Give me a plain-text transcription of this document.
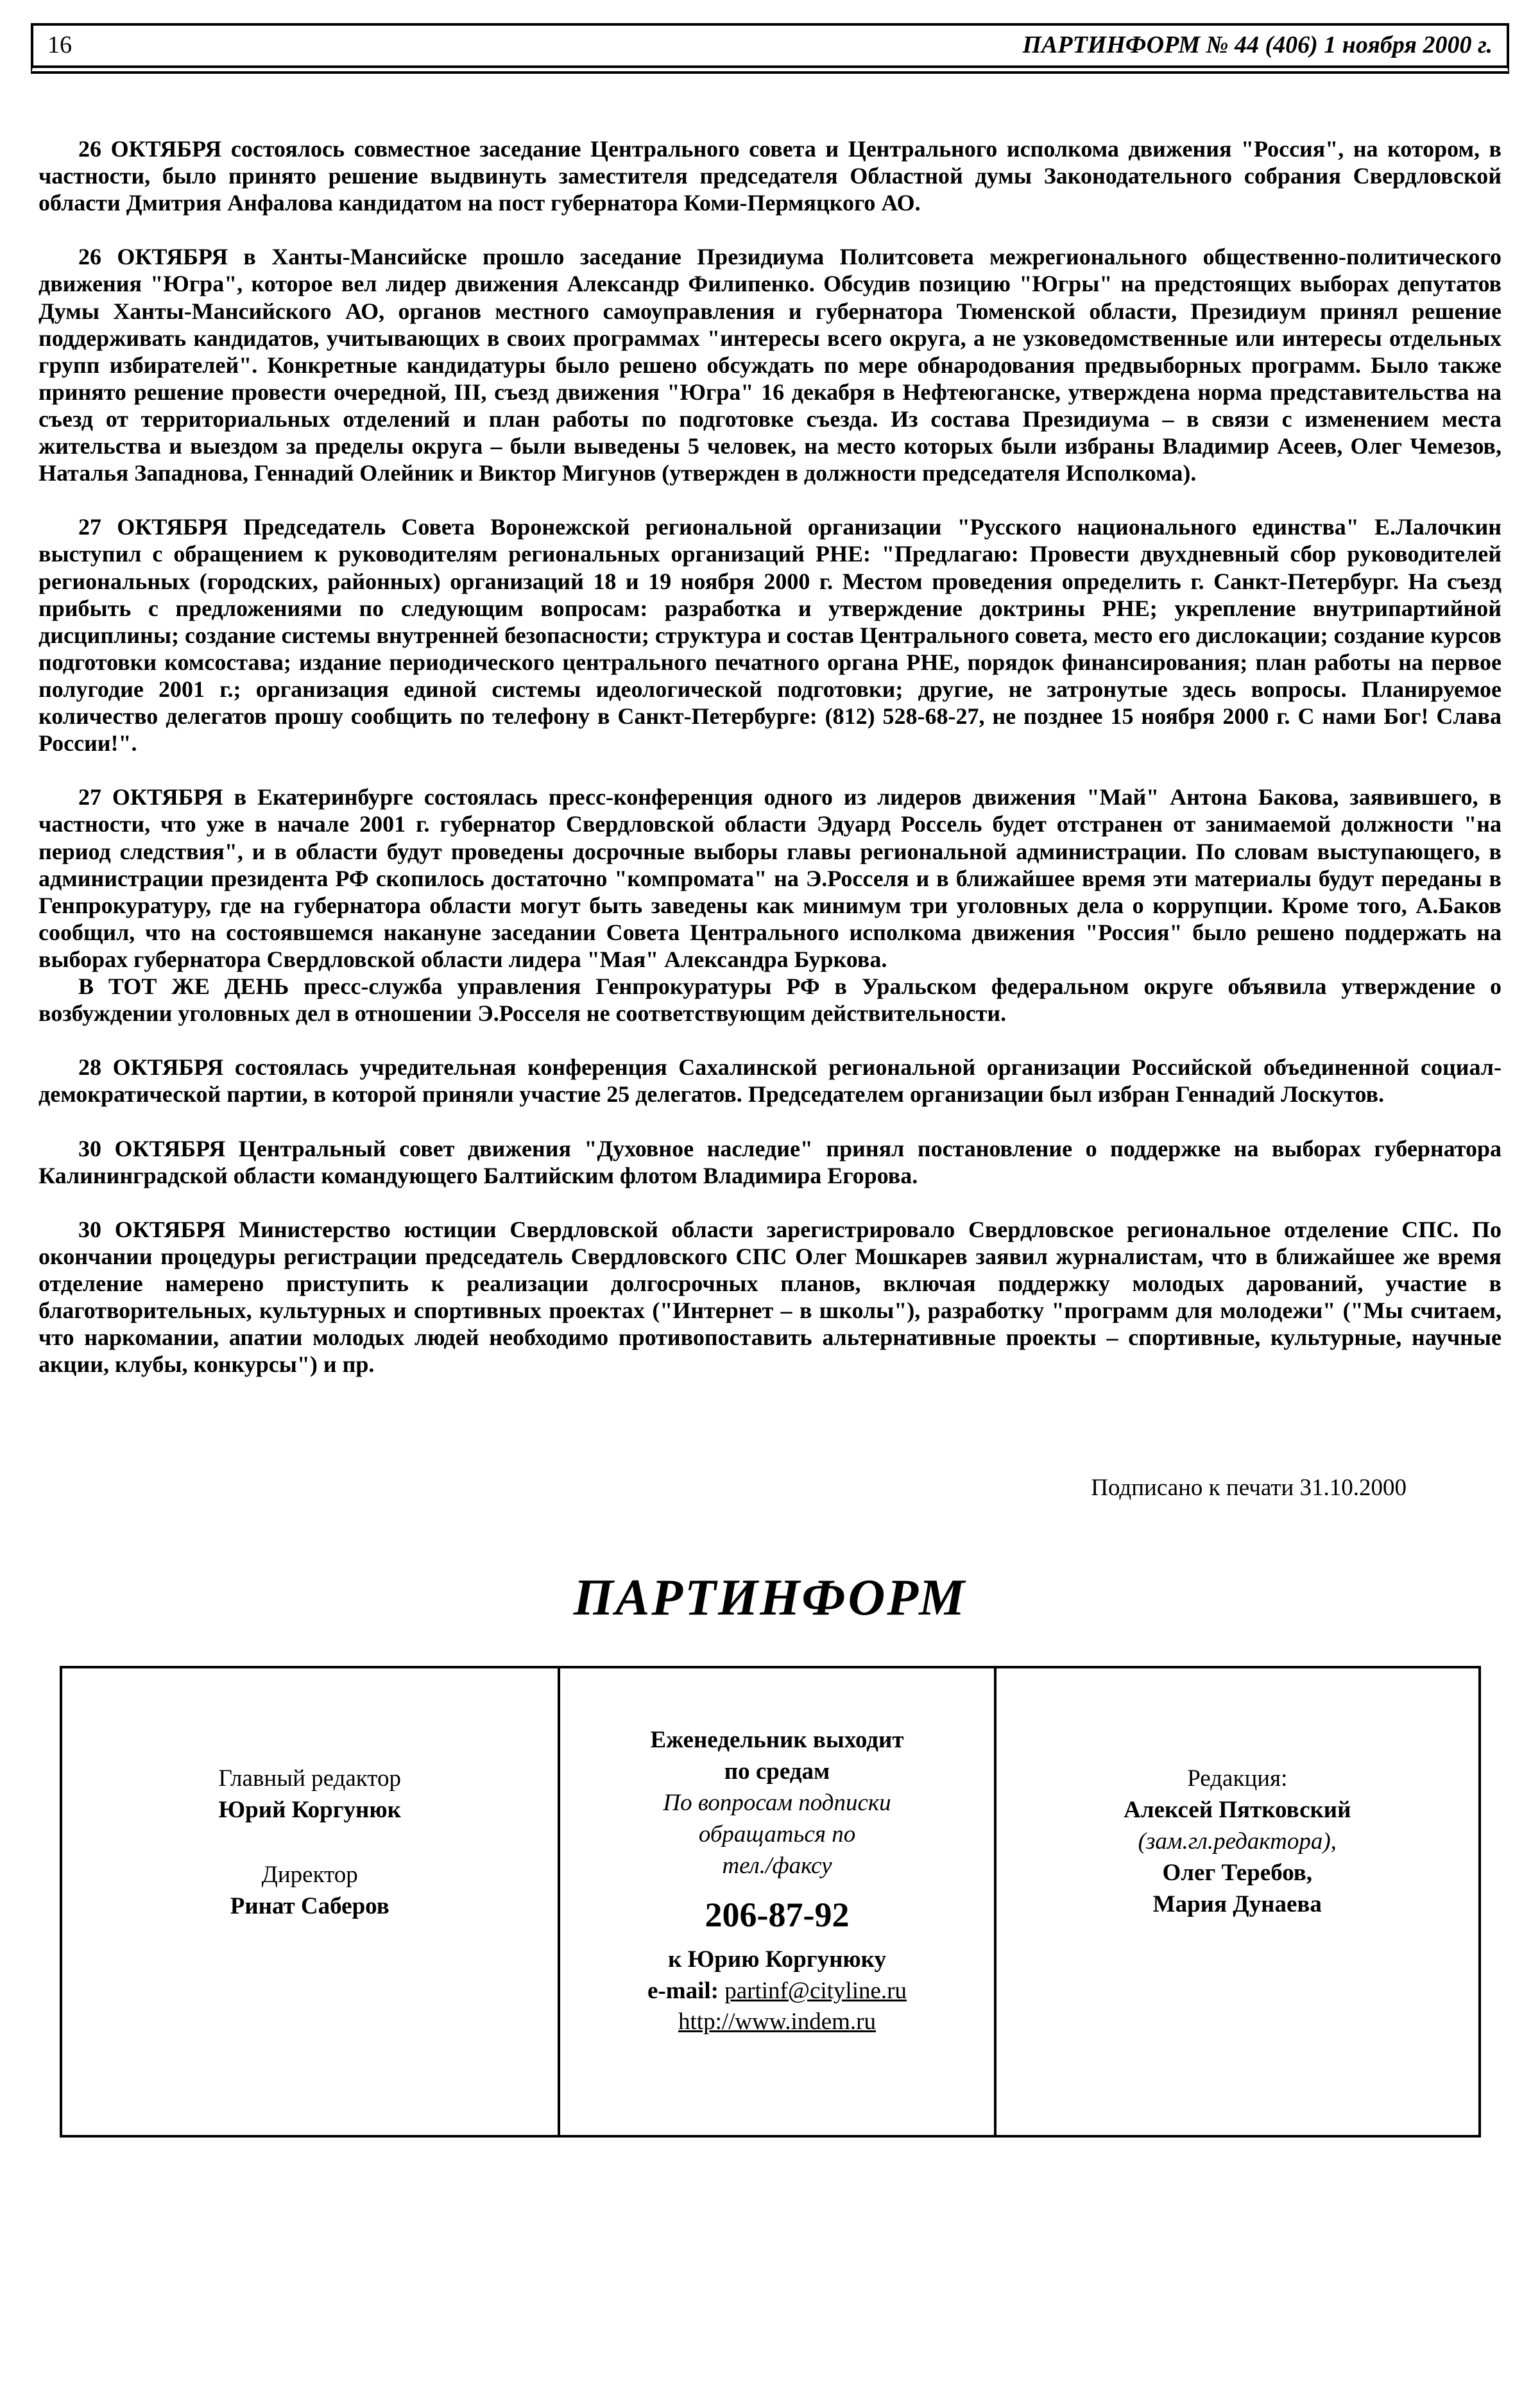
16	ПАРТИНФОРМ № 44 (406) 1 ноября 2000 г.

26 ОКТЯБРЯ состоялось совместное заседание Центрального совета и Центрального исполкома движения "Россия", на котором, в частности, было принято решение выдвинуть заместителя председателя Областной думы Законодательного собрания Свердловской области Дмитрия Анфалова кандидатом на пост губернатора Коми-Пермяцкого АО.

26 ОКТЯБРЯ в Ханты-Мансийске прошло заседание Президиума Политсовета межрегионального общественно-политического движения "Югра", которое вел лидер движения Александр Филипенко. Обсудив позицию "Югры" на предстоящих выборах депутатов Думы Ханты-Мансийского АО, органов местного самоуправления и губернатора Тюменской области, Президиум принял решение поддерживать кандидатов, учитывающих в своих программах "интересы всего округа, а не узковедомственные или интересы отдельных групп избирателей". Конкретные кандидатуры было решено обсуждать по мере обнародования предвыборных программ. Было также принято решение провести очередной, III, съезд движения "Югра" 16 декабря в Нефтеюганске, утверждена норма представительства на съезд от территориальных отделений и план работы по подготовке съезда. Из состава Президиума – в связи с изменением места жительства и выездом за пределы округа – были выведены 5 человек, на место которых были избраны Владимир Асеев, Олег Чемезов, Наталья Западнова, Геннадий Олейник и Виктор Мигунов (утвержден в должности председателя Исполкома).

27 ОКТЯБРЯ Председатель Совета Воронежской региональной организации "Русского национального единства" Е.Лалочкин выступил с обращением к руководителям региональных организаций РНЕ: "Предлагаю: Провести двухдневный сбор руководителей региональных (городских, районных) организаций 18 и 19 ноября 2000 г. Местом проведения определить г. Санкт-Петербург. На съезд прибыть с предложениями по следующим вопросам: разработка и утверждение доктрины РНЕ; укрепление внутрипартийной дисциплины; создание системы внутренней безопасности; структура и состав Центрального совета, место его дислокации; создание курсов подготовки комсостава; издание периодического центрального печатного органа РНЕ, порядок финансирования; план работы на первое полугодие 2001 г.; организация единой системы идеологической подготовки; другие, не затронутые здесь вопросы. Планируемое количество делегатов прошу сообщить по телефону в Санкт-Петербурге: (812) 528-68-27, не позднее 15 ноября 2000 г. С нами Бог! Слава России!".

27 ОКТЯБРЯ в Екатеринбурге состоялась пресс-конференция одного из лидеров движения "Май" Антона Бакова, заявившего, в частности, что уже в начале 2001 г. губернатор Свердловской области Эдуард Россель будет отстранен от занимаемой должности "на период следствия", и в области будут проведены досрочные выборы главы региональной администрации. По словам выступающего, в администрации президента РФ скопилось достаточно "компромата" на Э.Росселя и в ближайшее время эти материалы будут переданы в Генпрокуратуру, где на губернатора области могут быть заведены как минимум три уголовных дела о коррупции. Кроме того, А.Баков сообщил, что на состоявшемся накануне заседании Совета Центрального исполкома движения "Россия" было решено поддержать на выборах губернатора Свердловской области лидера "Мая" Александра Буркова.

В ТОТ ЖЕ ДЕНЬ пресс-служба управления Генпрокуратуры РФ в Уральском федеральном округе объявила утверждение о возбуждении уголовных дел в отношении Э.Росселя не соответствующим действительности.

28 ОКТЯБРЯ состоялась учредительная конференция Сахалинской региональной организации Российской объединенной социал-демократической партии, в которой приняли участие 25 делегатов. Председателем организации был избран Геннадий Лоскутов.

30 ОКТЯБРЯ Центральный совет движения "Духовное наследие" принял постановление о поддержке на выборах губернатора Калининградской области командующего Балтийским флотом Владимира Егорова.

30 ОКТЯБРЯ Министерство юстиции Свердловской области зарегистрировало Свердловское региональное отделение СПС. По окончании процедуры регистрации председатель Свердловского СПС Олег Мошкарев заявил журналистам, что в ближайшее же время отделение намерено приступить к реализации долгосрочных планов, включая поддержку молодых дарований, участие в благотворительных, культурных и спортивных проектах ("Интернет – в школы"), разработку "программ для молодежи" ("Мы считаем, что наркомании, апатии молодых людей необходимо противопоставить альтернативные проекты – спортивные, культурные, научные акции, клубы, конкурсы") и пр.

Подписано к печати 31.10.2000
ПАРТИНФОРМ
Главный редактор
Юрий Коргунюк
Директор
Ринат Саберов
Еженедельник выходит
по средам
По вопросам подписки
обращаться по
тел./факсу
206-87-92
к Юрию Коргунюку
e-mail: partinf@cityline.ru
http://www.indem.ru
Редакция:
Алексей Пятковский
(зам.гл.редактора),
Олег Теребов,
Мария Дунаева
